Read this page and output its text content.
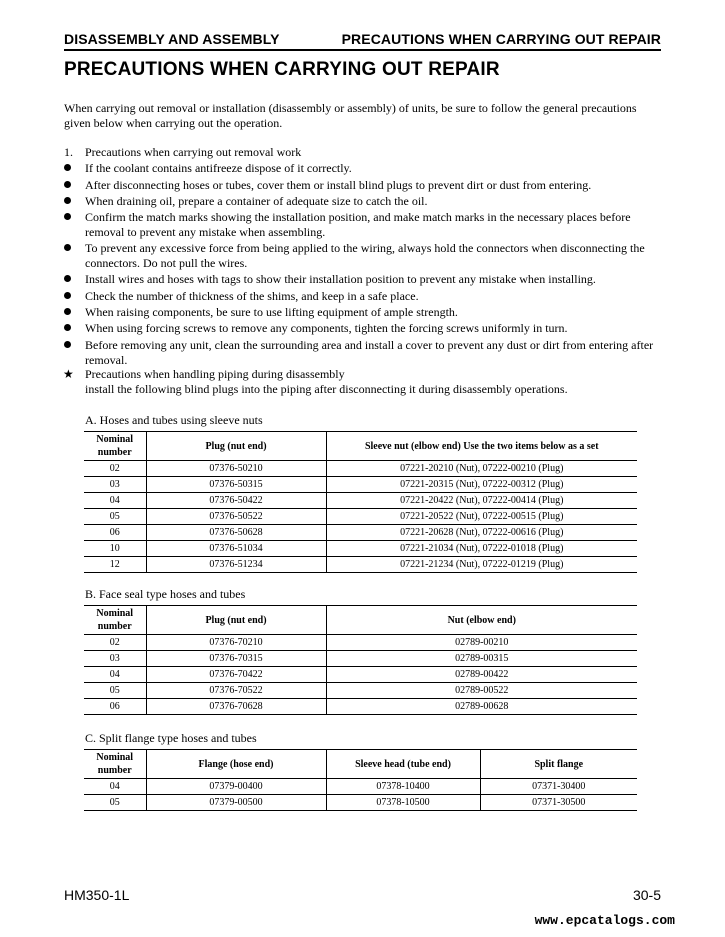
DISASSEMBLY AND ASSEMBLY	PRECAUTIONS WHEN CARRYING OUT REPAIR
PRECAUTIONS WHEN CARRYING OUT REPAIR
When carrying out removal or installation (disassembly or assembly) of units, be sure to follow the general precautions given below when carrying out the operation.
1. Precautions when carrying out removal work
If the coolant contains antifreeze dispose of it correctly.
After disconnecting hoses or tubes, cover them or install blind plugs to prevent dirt or dust from entering.
When draining oil, prepare a container of adequate size to catch the oil.
Confirm the match marks showing the installation position, and make match marks in the necessary places before removal to prevent any mistake when assembling.
To prevent any excessive force from being applied to the wiring, always hold the connectors when disconnecting the connectors. Do not pull the wires.
Install wires and hoses with tags to show their installation position to prevent any mistake when installing.
Check the number of thickness of the shims, and keep in a safe place.
When raising components, be sure to use lifting equipment of ample strength.
When using forcing screws to remove any components, tighten the forcing screws uniformly in turn.
Before removing any unit, clean the surrounding area and install a cover to prevent any dust or dirt from entering after removal.
★ Precautions when handling piping during disassembly
install the following blind plugs into the piping after disconnecting it during disassembly operations.
A. Hoses and tubes using sleeve nuts
Nominal number	Plug (nut end)	Sleeve nut (elbow end) Use the two items below as a set
02	07376-50210	07221-20210 (Nut), 07222-00210 (Plug)
03	07376-50315	07221-20315 (Nut), 07222-00312 (Plug)
04	07376-50422	07221-20422 (Nut), 07222-00414 (Plug)
05	07376-50522	07221-20522 (Nut), 07222-00515 (Plug)
06	07376-50628	07221-20628 (Nut), 07222-00616 (Plug)
10	07376-51034	07221-21034 (Nut), 07222-01018 (Plug)
12	07376-51234	07221-21234 (Nut), 07222-01219 (Plug)
B. Face seal type hoses and tubes
Nominal number	Plug (nut end)	Nut (elbow end)
02	07376-70210	02789-00210
03	07376-70315	02789-00315
04	07376-70422	02789-00422
05	07376-70522	02789-00522
06	07376-70628	02789-00628
C. Split flange type hoses and tubes
Nominal number	Flange (hose end)	Sleeve head (tube end)	Split flange
04	07379-00400	07378-10400	07371-30400
05	07379-00500	07378-10500	07371-30500
HM350-1L	30-5
www.epcatalogs.com
